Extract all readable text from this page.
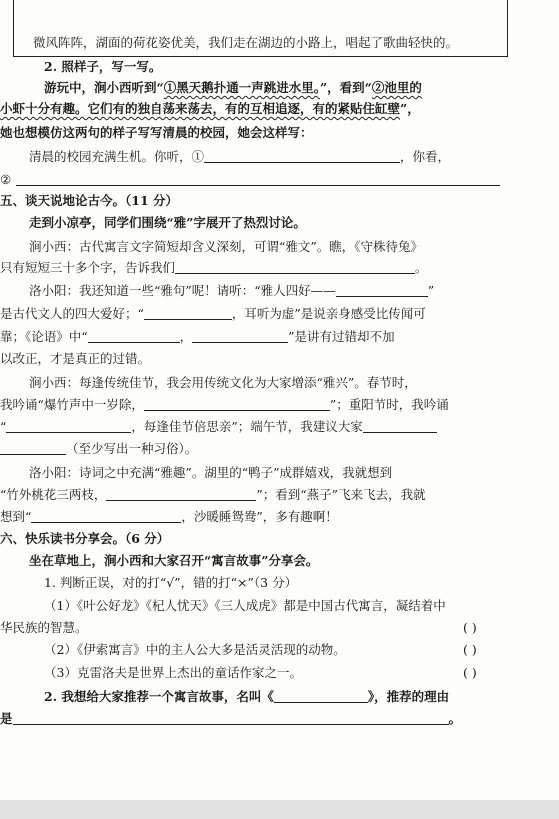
微风阵阵，湖面的荷花姿优美，我们走在湖边的小路上，唱起了歌曲轻快的。
2. 照样子，写一写。
游玩中，涧小西听到“①黑天鹅扑通一声跳进水里。”，看到“②池里的
小虾十分有趣。它们有的独自荡来荡去，有的互相追逐，有的紧贴住缸壁”，
她也想模仿这两句的样子写写清晨的校园，她会这样写：
清晨的校园充满生机。你听，①	，你看，
②
五、谈天说地论古今。（11 分）
走到小凉亭，同学们围绕“雅”字展开了热烈讨论。
涧小西：古代寓言文字简短却含义深刻，可谓“雅文”。瞧，《守株待兔》
只有短短三十多个字，告诉我们	。
洛小阳：我还知道一些“雅句”呢！请听：“雅人四好——	”
是古代文人的四大爱好；“	，耳听为虚”是说亲身感受比传闻可
靠；《论语》中“	，	”是讲有过错却不加
以改正，才是真正的过错。
涧小西：每逢传统佳节，我会用传统文化为大家增添“雅兴”。春节时，
我吟诵“爆竹声中一岁除，	”；重阳节时，我吟诵
“	，每逢佳节倍思亲”；端午节，我建议大家
（至少写出一种习俗）。
洛小阳：诗词之中充满“雅趣”。湖里的“鸭子”成群嬉戏，我就想到
“竹外桃花三两枝，	”；看到“燕子”飞来飞去，我就
想到“	，沙暖睡鸳鸯”，多有趣啊！
六、快乐读书分享会。（6 分）
坐在草地上，涧小西和大家召开“寓言故事”分享会。
1. 判断正误，对的打“√”，错的打“×”（3 分）
（1）《叶公好龙》《杞人忧天》《三人成虎》都是中国古代寓言，凝结着中
华民族的智慧。	( )
（2）《伊索寓言》中的主人公大多是活灵活现的动物。	( )
（3）克雷洛夫是世界上杰出的童话作家之一。	( )
2. 我想给大家推荐一个寓言故事，名叫《	》，推荐的理由
是	。
